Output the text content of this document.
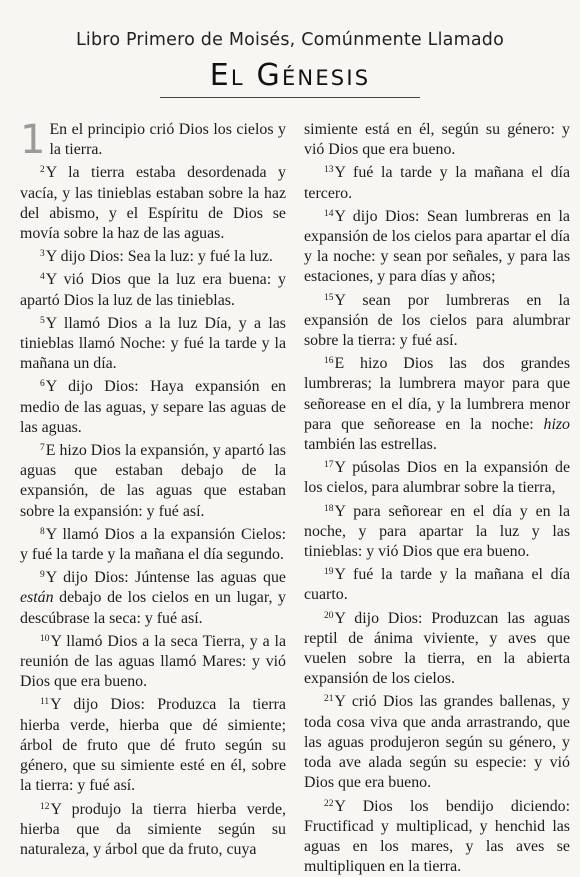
Libro Primero de Moisés, Comúnmente Llamado
El Génesis

1 En el principio crió Dios los cielos y la tierra.

$^2$Y la tierra estaba desordenada y vacía, y las tinieblas estaban sobre la haz del abismo, y el Espíritu de Dios se movía sobre la haz de las aguas.

$^3$Y dijo Dios: Sea la luz: y fué la luz.

$^4$Y vió Dios que la luz era buena: y apartó Dios la luz de las tinieblas.

$^5$Y llamó Dios a la luz Día, y a las tinieblas llamó Noche: y fué la tarde y la mañana un día.

$^6$Y dijo Dios: Haya expansión en medio de las aguas, y separe las aguas de las aguas.

$^7$E hizo Dios la expansión, y apartó las aguas que estaban debajo de la expansión, de las aguas que estaban sobre la expansión: y fué así.

$^8$Y llamó Dios a la expansión Cielos: y fué la tarde y la mañana el día segundo.

$^9$Y dijo Dios: Júntense las aguas que están debajo de los cielos en un lugar, y descúbrase la seca: y fué así.

$^{10}$Y llamó Dios a la seca Tierra, y a la reunión de las aguas llamó Mares: y vió Dios que era bueno.

$^{11}$Y dijo Dios: Produzca la tierra hierba verde, hierba que dé simiente; árbol de fruto que dé fruto según su género, que su simiente esté en él, sobre la tierra: y fué así.

$^{12}$Y produjo la tierra hierba verde, hierba que da simiente según su naturaleza, y árbol que da fruto, cuya

simiente está en él, según su género: y vió Dios que era bueno.

$^{13}$Y fué la tarde y la mañana el día tercero.

$^{14}$Y dijo Dios: Sean lumbreras en la expansión de los cielos para apartar el día y la noche: y sean por señales, y para las estaciones, y para días y años;

$^{15}$Y sean por lumbreras en la expansión de los cielos para alumbrar sobre la tierra: y fué así.

$^{16}$E hizo Dios las dos grandes lumbreras; la lumbrera mayor para que señorease en el día, y la lumbrera menor para que señorease en la noche: hizo también las estrellas.

$^{17}$Y púsolas Dios en la expansión de los cielos, para alumbrar sobre la tierra,

$^{18}$Y para señorear en el día y en la noche, y para apartar la luz y las tinieblas: y vió Dios que era bueno.

$^{19}$Y fué la tarde y la mañana el día cuarto.

$^{20}$Y dijo Dios: Produzcan las aguas reptil de ánima viviente, y aves que vuelen sobre la tierra, en la abierta expansión de los cielos.

$^{21}$Y crió Dios las grandes ballenas, y toda cosa viva que anda arrastrando, que las aguas produjeron según su género, y toda ave alada según su especie: y vió Dios que era bueno.

$^{22}$Y Dios los bendijo diciendo: Fructificad y multiplicad, y henchid las aguas en los mares, y las aves se multipliquen en la tierra.
